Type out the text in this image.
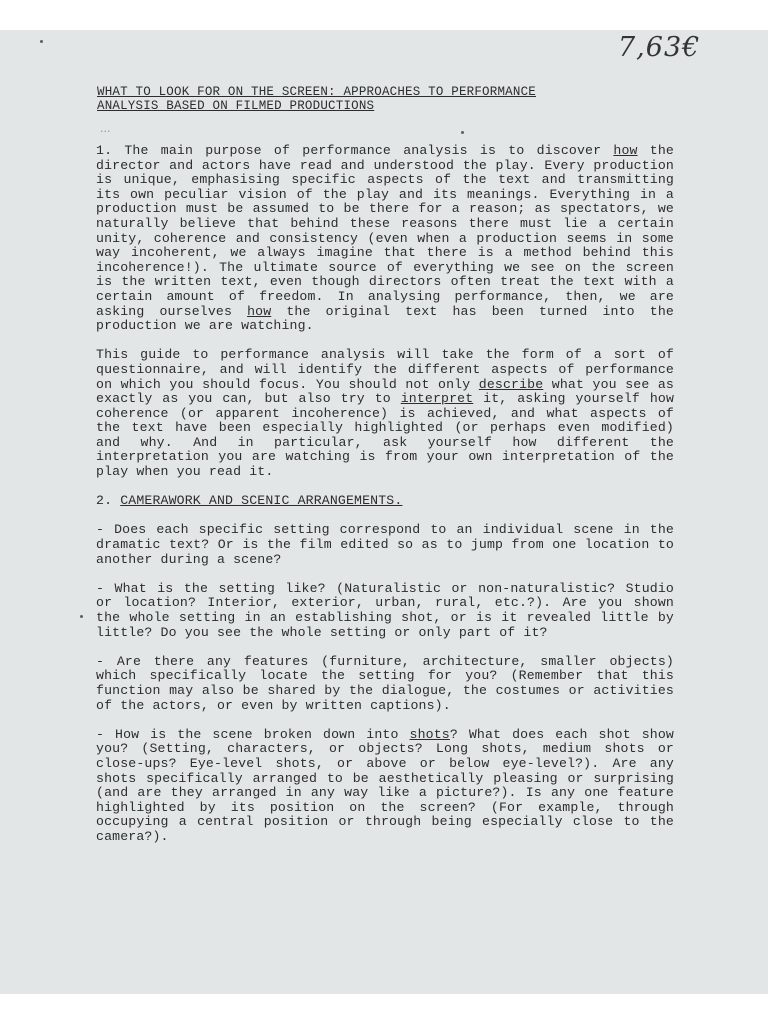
7,63€
WHAT TO LOOK FOR ON THE SCREEN: APPROACHES TO PERFORMANCE
ANALYSIS BASED ON FILMED PRODUCTIONS
...

1. The main purpose of performance analysis is to discover how the director and actors have read and understood the play. Every production is unique, emphasising specific aspects of the text and transmitting its own peculiar vision of the play and its meanings. Everything in a production must be assumed to be there for a reason; as spectators, we naturally believe that behind these reasons there must lie a certain unity, coherence and consistency (even when a production seems in some way incoherent, we always imagine that there is a method behind this incoherence!). The ultimate source of everything we see on the screen is the written text, even though directors often treat the text with a certain amount of freedom. In analysing performance, then, we are asking ourselves how the original text has been turned into the production we are watching.

This guide to performance analysis will take the form of a sort of questionnaire, and will identify the different aspects of performance on which you should focus. You should not only describe what you see as exactly as you can, but also try to interpret it, asking yourself how coherence (or apparent incoherence) is achieved, and what aspects of the text have been especially highlighted (or perhaps even modified) and why. And in particular, ask yourself how different the interpretation you are watching is from your own interpretation of the play when you read it.

2. CAMERAWORK AND SCENIC ARRANGEMENTS.

- Does each specific setting correspond to an individual scene in the dramatic text? Or is the film edited so as to jump from one location to another during a scene?

- What is the setting like? (Naturalistic or non-naturalistic? Studio or location? Interior, exterior, urban, rural, etc.?). Are you shown the whole setting in an establishing shot, or is it revealed little by little? Do you see the whole setting or only part of it?

- Are there any features (furniture, architecture, smaller objects) which specifically locate the setting for you? (Remember that this function may also be shared by the dialogue, the costumes or activities of the actors, or even by written captions).

- How is the scene broken down into shots? What does each shot show you? (Setting, characters, or objects? Long shots, medium shots or close-ups? Eye-level shots, or above or below eye-level?). Are any shots specifically arranged to be aesthetically pleasing or surprising (and are they arranged in any way like a picture?). Is any one feature highlighted by its position on the screen? (For example, through occupying a central position or through being especially close to the camera?).
